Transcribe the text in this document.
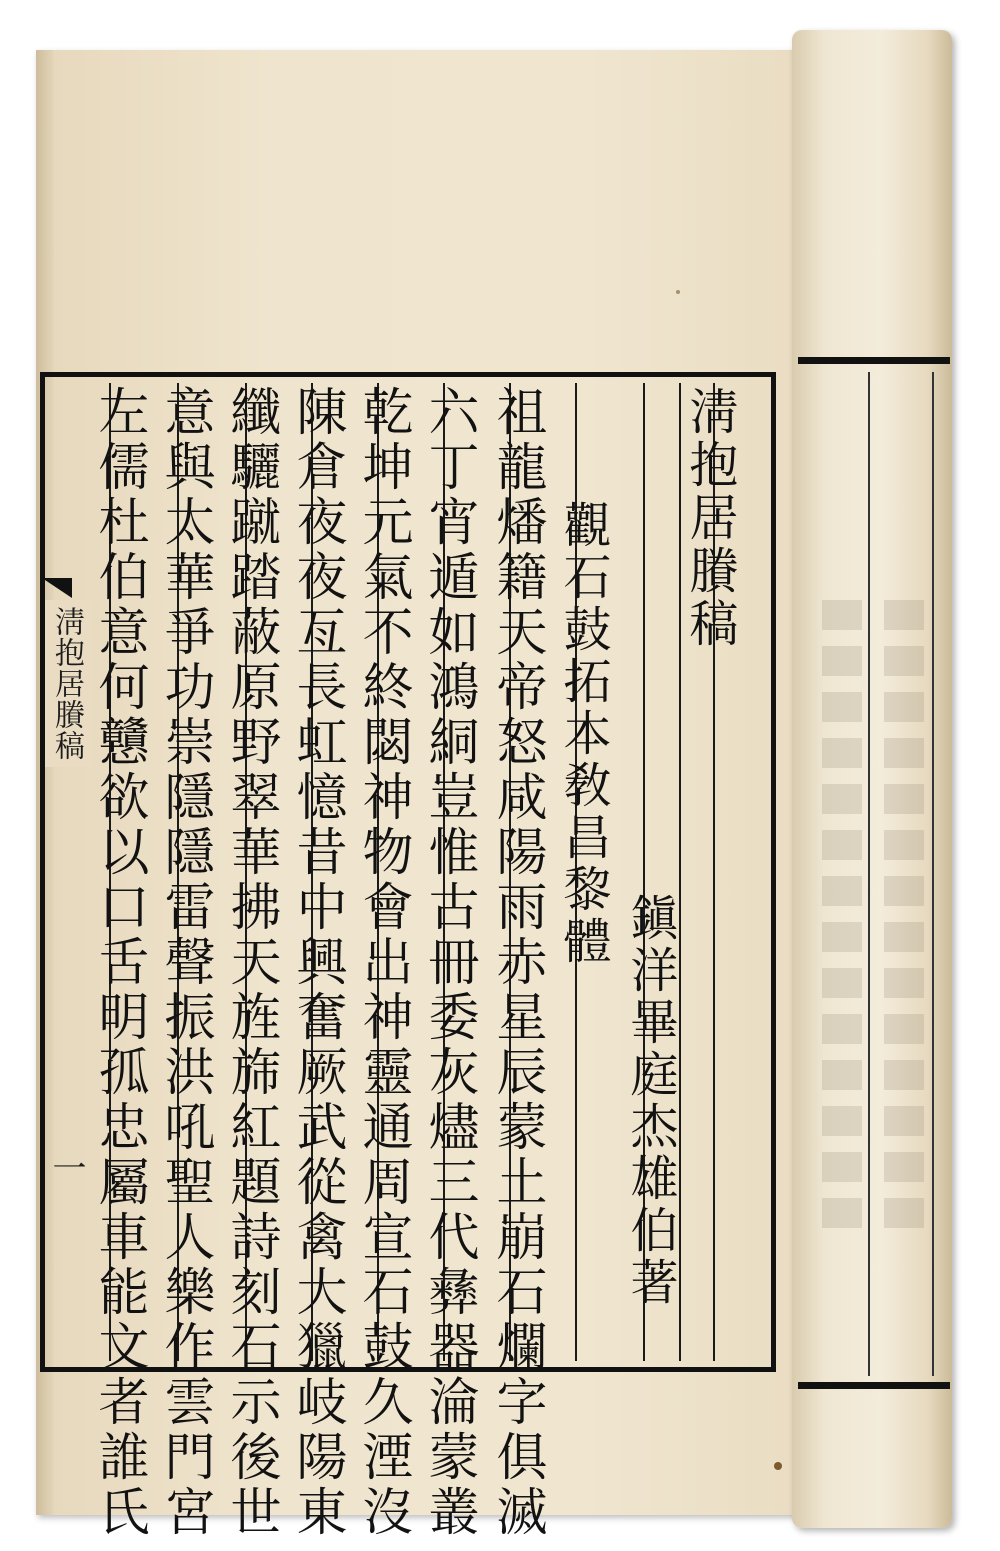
淸抱居賸稿
一
淸抱居賸稿
鎭洋畢庭杰雄伯著
觀石鼓拓本敎昌黎體
祖龍燔籍天帝怒咸陽雨赤星辰蒙土崩石爛字俱滅
六丁宵遁如鴻絧豈惟古冊委灰燼三代彝器淪蒙叢
乾坤元氣不終閟神物會出神靈通周宣石鼓久湮沒
陳倉夜夜亙長虹憶昔中興奮厥武從禽大獵岐陽東
纖驪蹴踏蔽原野翠華拂天旌旆紅題詩刻石示後世
意與太華爭功崇隱隱雷聲振洪吼聖人樂作雲門宮
左儒杜伯意何戇欲以口舌明孤忠屬車能文者誰氏
